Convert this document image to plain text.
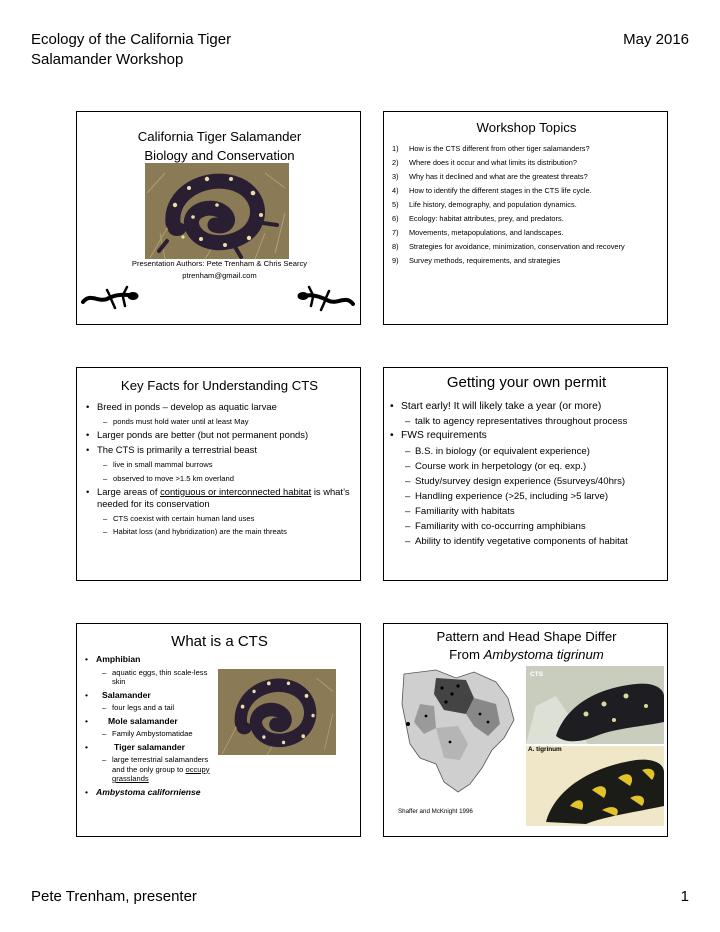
Ecology of the California Tiger
Salamander Workshop
May 2016
California Tiger Salamander
Biology and Conservation
Presentation Authors: Pete Trenham & Chris Searcy
ptrenham@gmail.com
Workshop Topics
1) How is the CTS different from other tiger salamanders?
2) Where does it occur and what limits its distribution?
3) Why has it declined and what are the greatest threats?
4) How to identify the different stages in the CTS life cycle.
5) Life history, demography, and population dynamics.
6) Ecology: habitat attributes, prey, and predators.
7) Movements, metapopulations, and landscapes.
8) Strategies for avoidance, minimization, conservation and recovery
9) Survey methods, requirements, and strategies
Key Facts for Understanding CTS
• Breed in ponds – develop as aquatic larvae
– ponds must hold water until at least May
• Larger ponds are better (but not permanent ponds)
• The CTS is primarily a terrestrial beast
– live in small mammal burrows
– observed to move >1.5 km overland
• Large areas of contiguous or interconnected habitat is what’s needed for its conservation
– CTS coexist with certain human land uses
– Habitat loss (and hybridization) are the main threats
Getting your own permit
• Start early! It will likely take a year (or more)
– talk to agency representatives throughout process
• FWS requirements
– B.S. in biology (or equivalent experience)
– Course work in herpetology (or eq. exp.)
– Study/survey design experience (5surveys/40hrs)
– Handling experience (>25, including >5 larve)
– Familiarity with habitats
– Familiarity with co-occurring amphibians
– Ability to identify vegetative components of habitat
What is a CTS
• Amphibian
– aquatic eggs, thin scale-less skin
• Salamander
– four legs and a tail
• Mole salamander
– Family Ambystomatidae
• Tiger salamander
– large terrestrial salamanders and the only group to occupy grasslands
• Ambystoma californiense
Pattern and Head Shape Differ
From Ambystoma tigrinum
Shaffer and McKnight 1996
CTS
A. tigrinum
Pete Trenham, presenter	1
